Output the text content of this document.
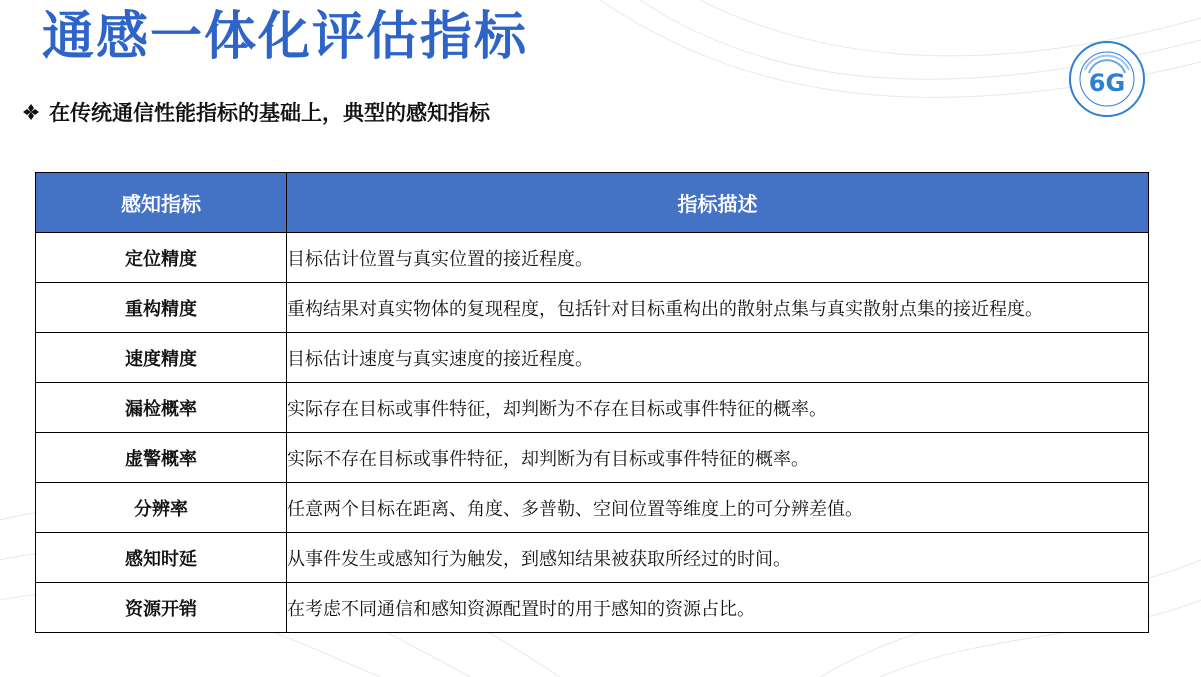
通感一体化评估指标
6G
在传统通信性能指标的基础上，典型的感知指标
感知指标	指标描述
定位精度	目标估计位置与真实位置的接近程度。
重构精度	重构结果对真实物体的复现程度，包括针对目标重构出的散射点集与真实散射点集的接近程度。
速度精度	目标估计速度与真实速度的接近程度。
漏检概率	实际存在目标或事件特征，却判断为不存在目标或事件特征的概率。
虚警概率	实际不存在目标或事件特征，却判断为有目标或事件特征的概率。
分辨率	任意两个目标在距离、角度、多普勒、空间位置等维度上的可分辨差值。
感知时延	从事件发生或感知行为触发，到感知结果被获取所经过的时间。
资源开销	在考虑不同通信和感知资源配置时的用于感知的资源占比。
